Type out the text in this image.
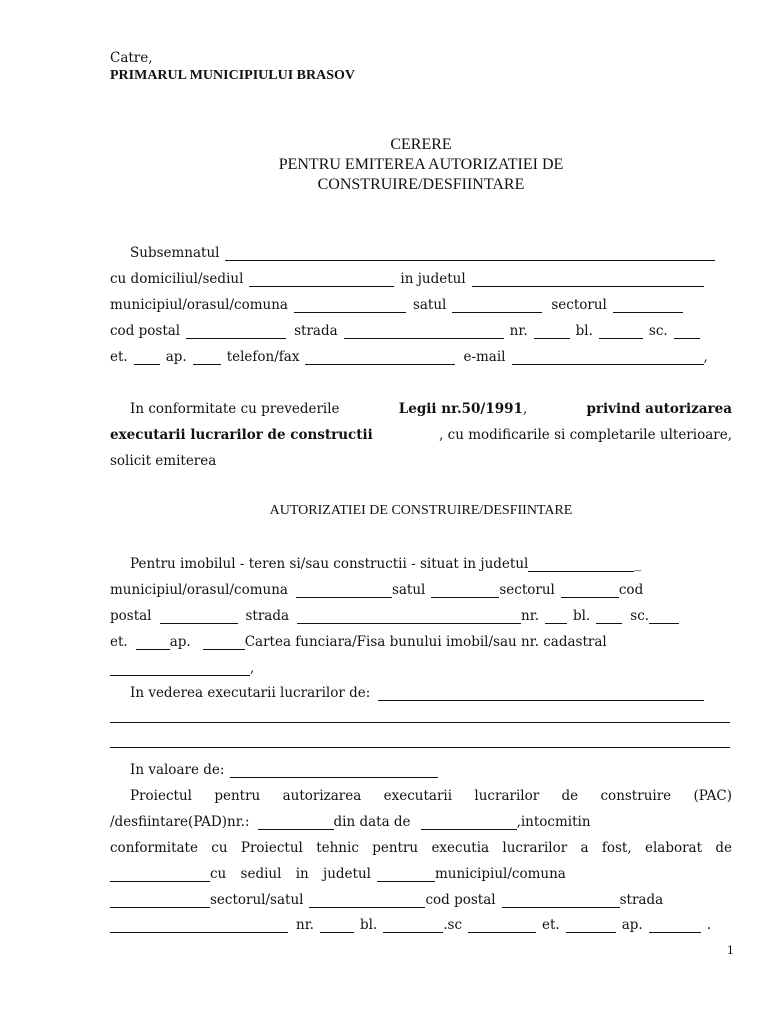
Catre,
PRIMARUL MUNICIPIULUI BRASOV
CERERE
PENTRU EMITEREA AUTORIZATIEI DE
CONSTRUIRE/DESFIINTARE
Subsemnatul
cu domiciliul/sediul	in judetul
municipiul/orasul/comuna	satul	sectorul
cod postal	strada	nr.	bl.	sc.
et.	ap.	telefon/fax	e-mail	,
In conformitate cu prevederile	Legii nr.50/1991,	privind autorizarea
executarii lucrarilor de constructii	, cu modificarile si completarile ulterioare,
solicit emiterea
AUTORIZATIEI DE CONSTRUIRE/DESFIINTARE
Pentru imobilul - teren si/sau constructii - situat in judetul	_
municipiul/orasul/comuna	satul	sectorul	cod
postal	strada	nr.	bl.	sc.
et.	ap.	Cartea funciara/Fisa bunului imobil/sau nr. cadastral
,
In vederea executarii lucrarilor de:
In valoare de:
Proiectul pentru autorizarea executarii lucrarilor de construire (PAC)
/desfiintare (PAD) nr.:	din data de	, intocmit in
conformitate cu Proiectul tehnic pentru executia lucrarilor a fost, elaborat de
cu sediul in judetul	municipiul/comuna
sectorul/satul	cod postal	strada
nr.	bl.	.sc	et.	ap.	.
1
